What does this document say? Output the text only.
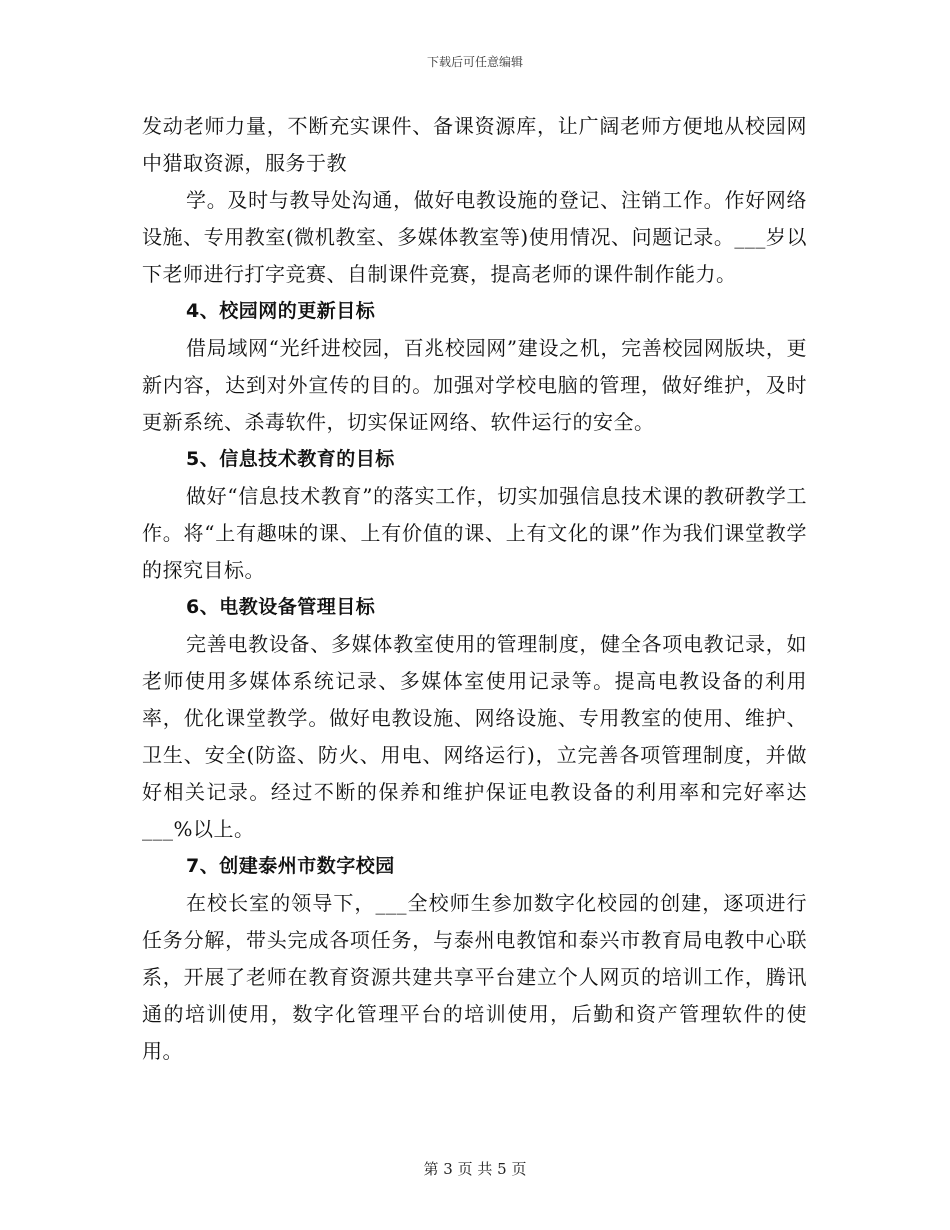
下载后可任意编辑

发动老师力量，不断充实课件、备课资源库，让广阔老师方便地从校园网中猎取资源，服务于教

学。及时与教导处沟通，做好电教设施的登记、注销工作。作好网络设施、专用教室(微机教室、多媒体教室等)使用情况、问题记录。___岁以下老师进行打字竞赛、自制课件竞赛，提高老师的课件制作能力。

4、校园网的更新目标

借局域网“光纤进校园，百兆校园网”建设之机，完善校园网版块，更新内容，达到对外宣传的目的。加强对学校电脑的管理，做好维护，及时更新系统、杀毒软件，切实保证网络、软件运行的安全。

5、信息技术教育的目标

做好“信息技术教育”的落实工作，切实加强信息技术课的教研教学工作。将“上有趣味的课、上有价值的课、上有文化的课”作为我们课堂教学的探究目标。

6、电教设备管理目标

完善电教设备、多媒体教室使用的管理制度，健全各项电教记录，如老师使用多媒体系统记录、多媒体室使用记录等。提高电教设备的利用率，优化课堂教学。做好电教设施、网络设施、专用教室的使用、维护、卫生、安全(防盗、防火、用电、网络运行)，立完善各项管理制度，并做好相关记录。经过不断的保养和维护保证电教设备的利用率和完好率达___%以上。

7、创建泰州市数字校园

在校长室的领导下，___全校师生参加数字化校园的创建，逐项进行任务分解，带头完成各项任务，与泰州电教馆和泰兴市教育局电教中心联系，开展了老师在教育资源共建共享平台建立个人网页的培训工作，腾讯通的培训使用，数字化管理平台的培训使用，后勤和资产管理软件的使用。

第 3 页 共 5 页
